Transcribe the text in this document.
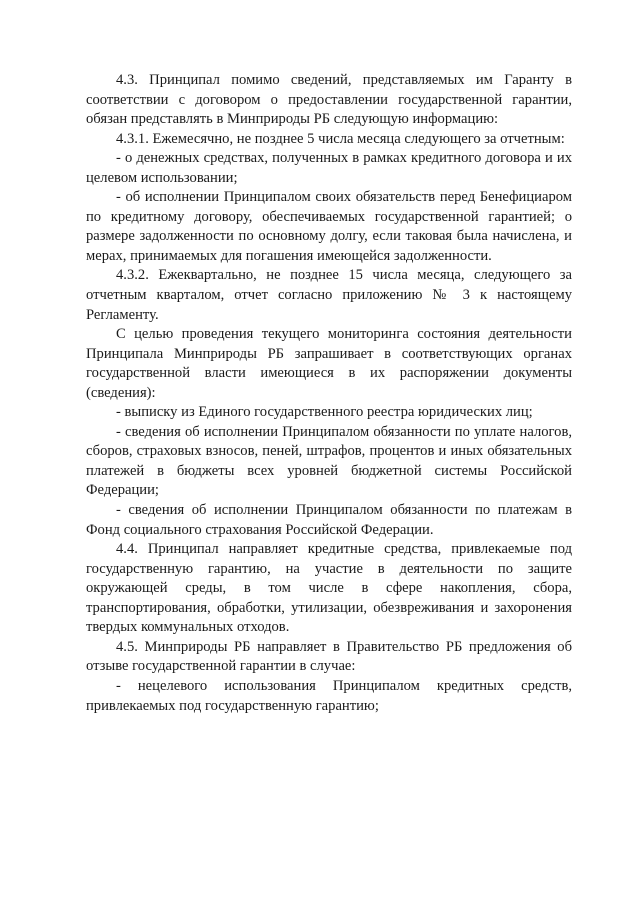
4.3. Принципал помимо сведений, представляемых им Гаранту в соответствии с договором о предоставлении государственной гарантии, обязан представлять в Минприроды РБ следующую информацию:

4.3.1. Ежемесячно, не позднее 5 числа месяца следующего за отчетным:

- о денежных средствах, полученных в рамках кредитного договора и их целевом использовании;

- об исполнении Принципалом своих обязательств перед Бенефициаром по кредитному договору, обеспечиваемых государственной гарантией; о размере задолженности по основному долгу, если таковая была начислена, и мерах, принимаемых для погашения имеющейся задолженности.

4.3.2. Ежеквартально, не позднее 15 числа месяца, следующего за отчетным кварталом, отчет согласно приложению № 3 к настоящему Регламенту.

С целью проведения текущего мониторинга состояния деятельности Принципала Минприроды РБ запрашивает в соответствующих органах государственной власти имеющиеся в их распоряжении документы (сведения):

- выписку из Единого государственного реестра юридических лиц;

- сведения об исполнении Принципалом обязанности по уплате налогов, сборов, страховых взносов, пеней, штрафов, процентов и иных обязательных платежей в бюджеты всех уровней бюджетной системы Российской Федерации;

- сведения об исполнении Принципалом обязанности по платежам в Фонд социального страхования Российской Федерации.

4.4. Принципал направляет кредитные средства, привлекаемые под государственную гарантию, на участие в деятельности по защите окружающей среды, в том числе в сфере накопления, сбора, транспортирования, обработки, утилизации, обезвреживания и захоронения твердых коммунальных отходов.

4.5. Минприроды РБ направляет в Правительство РБ предложения об отзыве государственной гарантии в случае:

- нецелевого использования Принципалом кредитных средств, привлекаемых под государственную гарантию;
